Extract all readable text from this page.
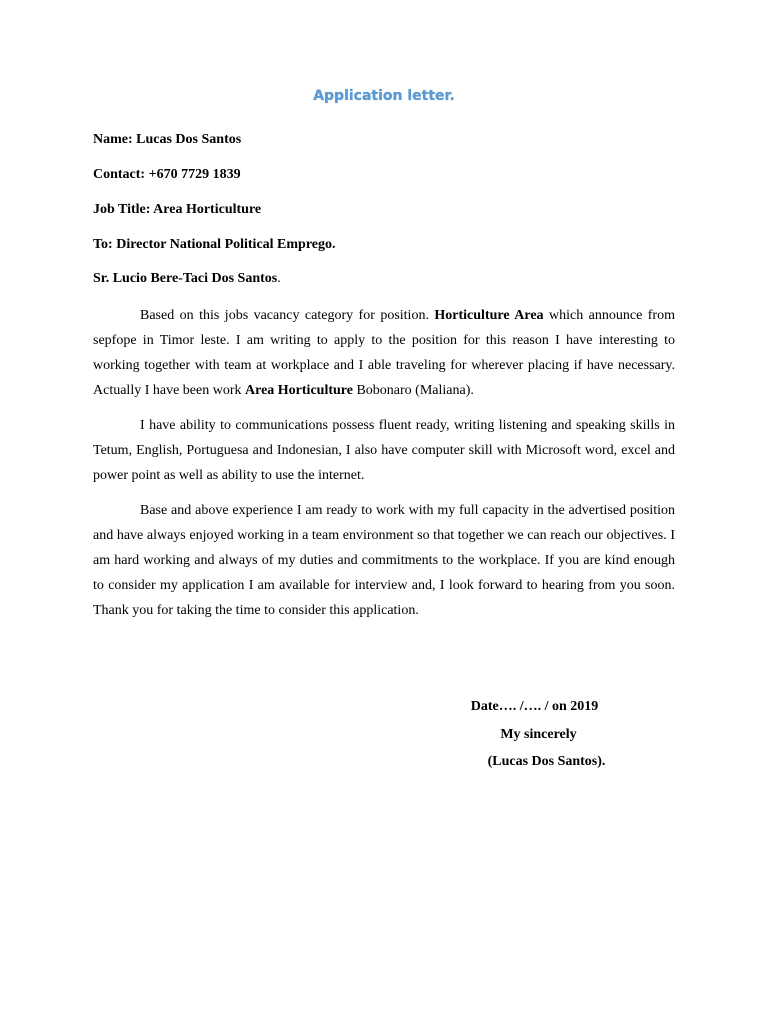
Application letter.

Name: Lucas Dos Santos

Contact: +670 7729 1839

Job Title: Area Horticulture

To: Director National Political Emprego.

Sr. Lucio Bere-Taci Dos Santos.

Based on this jobs vacancy category for position. Horticulture Area which announce from sepfope in Timor leste. I am writing to apply to the position for this reason I have interesting to working together with team at workplace and I able traveling for wherever placing if have necessary. Actually I have been work Area Horticulture Bobonaro (Maliana).

I have ability to communications possess fluent ready, writing listening and speaking skills in Tetum, English, Portuguesa and Indonesian, I also have computer skill with Microsoft word, excel and power point as well as ability to use the internet.

Base and above experience I am ready to work with my full capacity in the advertised position and have always enjoyed working in a team environment so that together we can reach our objectives. I am hard working and always of my duties and commitments to the workplace. If you are kind enough to consider my application I am available for interview and, I look forward to hearing from you soon. Thank you for taking the time to consider this application.

Date…. /…. / on 2019

My sincerely

(Lucas Dos Santos).
